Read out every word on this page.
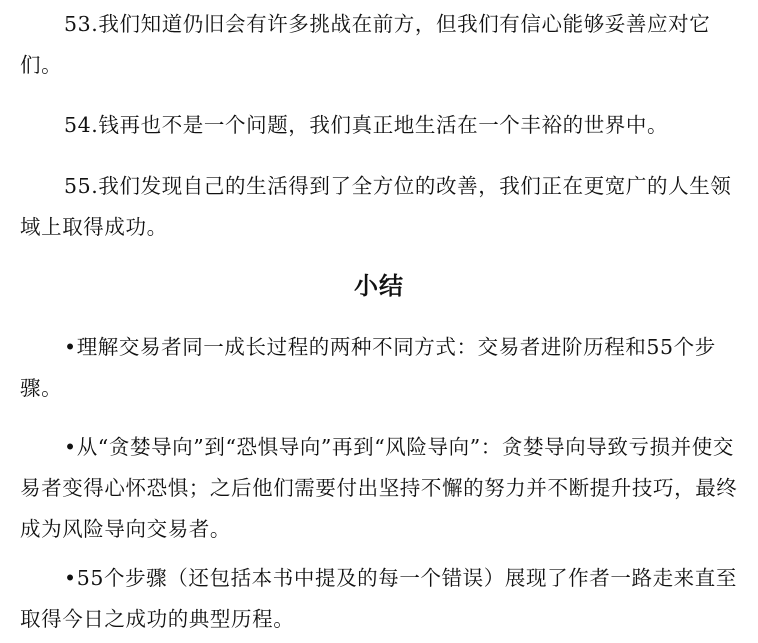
53.我们知道仍旧会有许多挑战在前方，但我们有信心能够妥善应对它们。

54.钱再也不是一个问题，我们真正地生活在一个丰裕的世界中。

55.我们发现自己的生活得到了全方位的改善，我们正在更宽广的人生领域上取得成功。

小结

•理解交易者同一成长过程的两种不同方式：交易者进阶历程和55个步骤。

•从“贪婪导向”到“恐惧导向”再到“风险导向”：贪婪导向导致亏损并使交易者变得心怀恐惧；之后他们需要付出坚持不懈的努力并不断提升技巧，最终成为风险导向交易者。

•55个步骤（还包括本书中提及的每一个错误）展现了作者一路走来直至取得今日之成功的典型历程。
